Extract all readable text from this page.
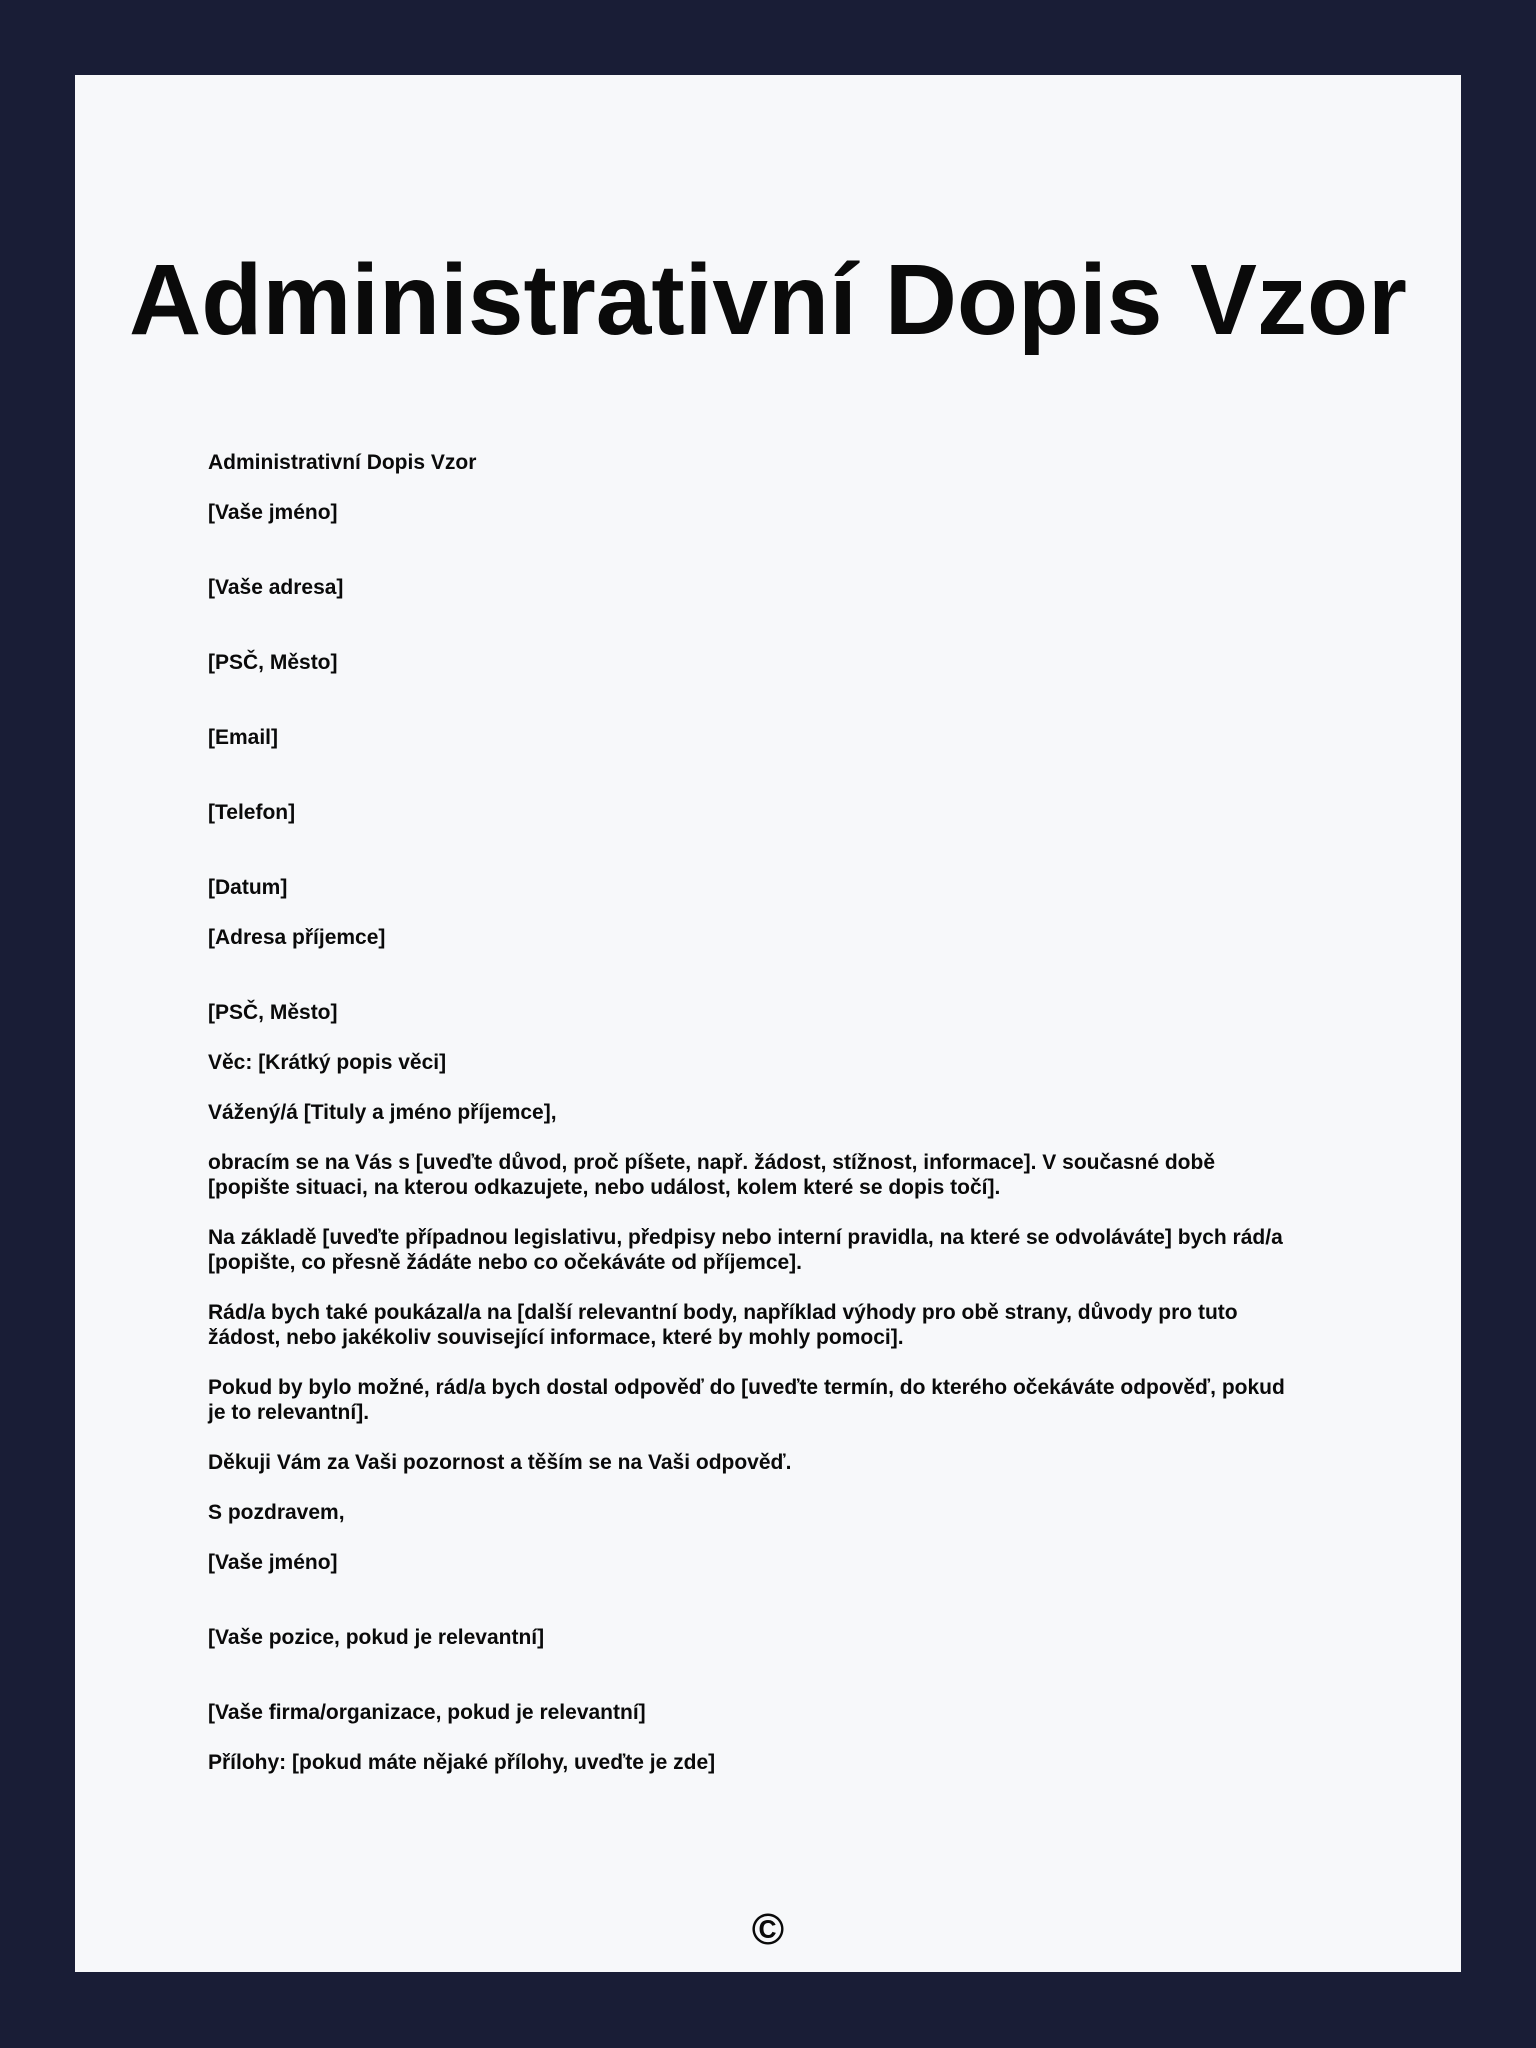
Administrativní Dopis Vzor

Administrativní Dopis Vzor

[Vaše jméno]

[Vaše adresa]

[PSČ, Město]

[Email]

[Telefon]

[Datum]

[Adresa příjemce]

[PSČ, Město]

Věc: [Krátký popis věci]

Vážený/á [Tituly a jméno příjemce],

obracím se na Vás s [uveďte důvod, proč píšete, např. žádost, stížnost, informace]. V současné době [popište situaci, na kterou odkazujete, nebo událost, kolem které se dopis točí].

Na základě [uveďte případnou legislativu, předpisy nebo interní pravidla, na které se odvoláváte] bych rád/a [popište, co přesně žádáte nebo co očekáváte od příjemce].

Rád/a bych také poukázal/a na [další relevantní body, například výhody pro obě strany, důvody pro tuto žádost, nebo jakékoliv související informace, které by mohly pomoci].

Pokud by bylo možné, rád/a bych dostal odpověď do [uveďte termín, do kterého očekáváte odpověď, pokud je to relevantní].

Děkuji Vám za Vaši pozornost a těším se na Vaši odpověď.

S pozdravem,

[Vaše jméno]

[Vaše pozice, pokud je relevantní]

[Vaše firma/organizace, pokud je relevantní]

Přílohy: [pokud máte nějaké přílohy, uveďte je zde]

©
